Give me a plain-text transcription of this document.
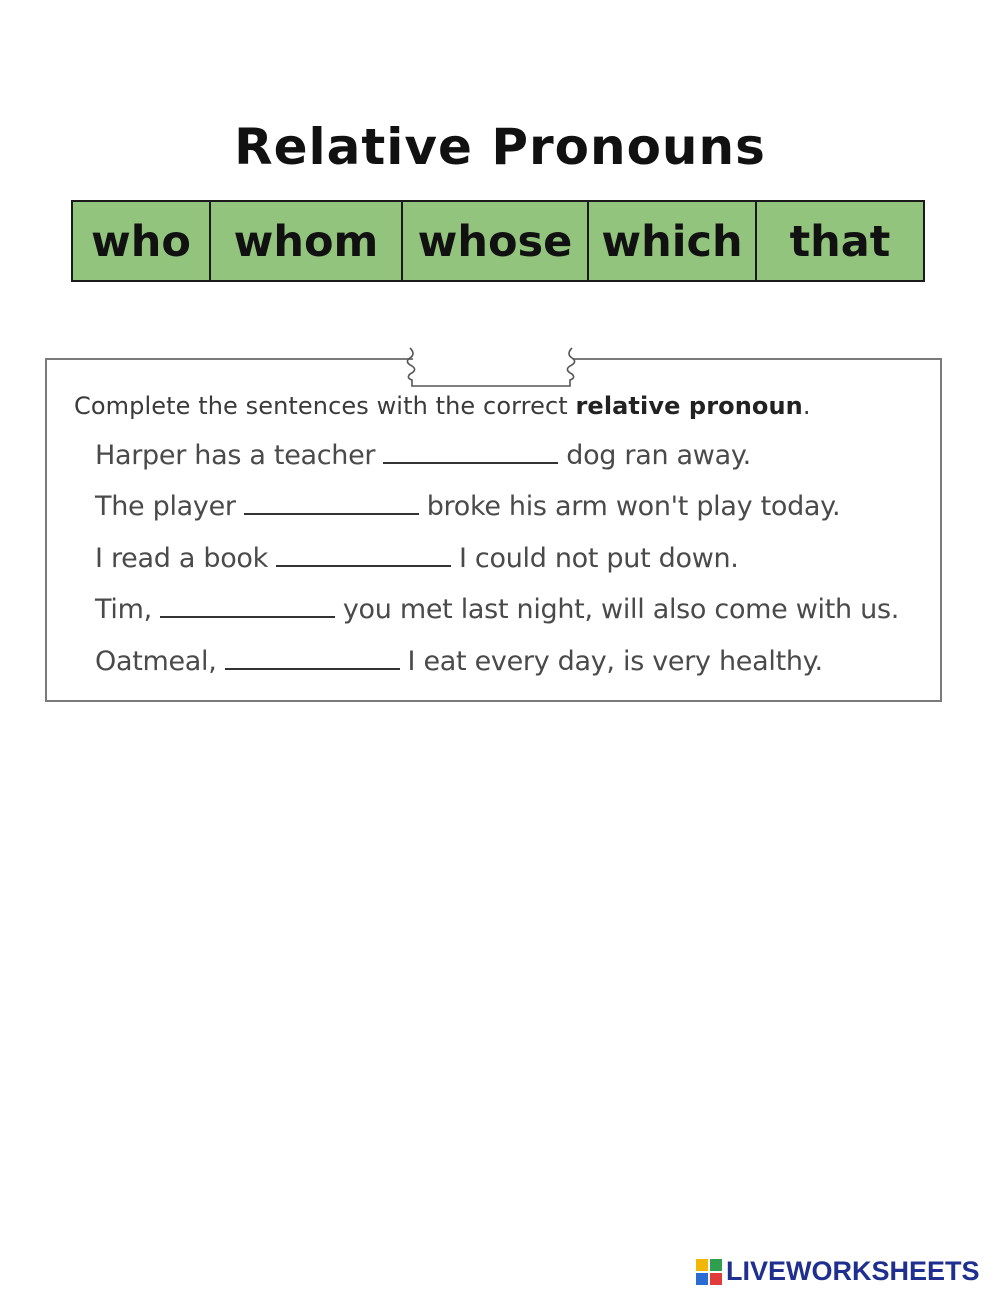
Relative Pronouns
who whom whose which	that
Complete the sentences with the correct relative pronoun.
Harper has a teacher	dog ran away.
The player	broke his arm won't play today.
I read a book	I could not put down.
Tim,	you met last night, will also come with us.
Oatmeal,	I eat every day, is very healthy.
LIVEWORKSHEETS
